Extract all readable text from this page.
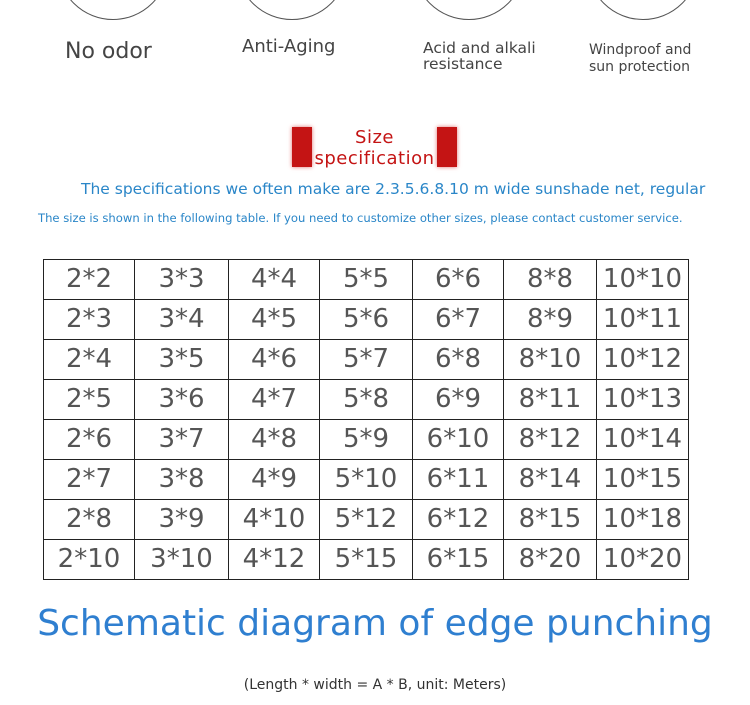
No odor	Anti-Aging	Acid and alkali
resistance
Windproof and
sun protection
Size
specification
The specifications we often make are 2.3.5.6.8.10 m wide sunshade net, regular
The size is shown in the following table. If you need to customize other sizes, please contact customer service.
2*2	3*3	4*4	5*5	6*6	8*8	10*10
2*3	3*4	4*5	5*6	6*7	8*9	10*11
2*4	3*5	4*6	5*7	6*8	8*10	10*12
2*5	3*6	4*7	5*8	6*9	8*11	10*13
2*6	3*7	4*8	5*9	6*10	8*12	10*14
2*7	3*8	4*9	5*10	6*11	8*14	10*15
2*8	3*9	4*10	5*12	6*12	8*15	10*18
2*10	3*10	4*12	5*15	6*15	8*20	10*20
Schematic diagram of edge punching
(Length * width = A * B, unit: Meters)
